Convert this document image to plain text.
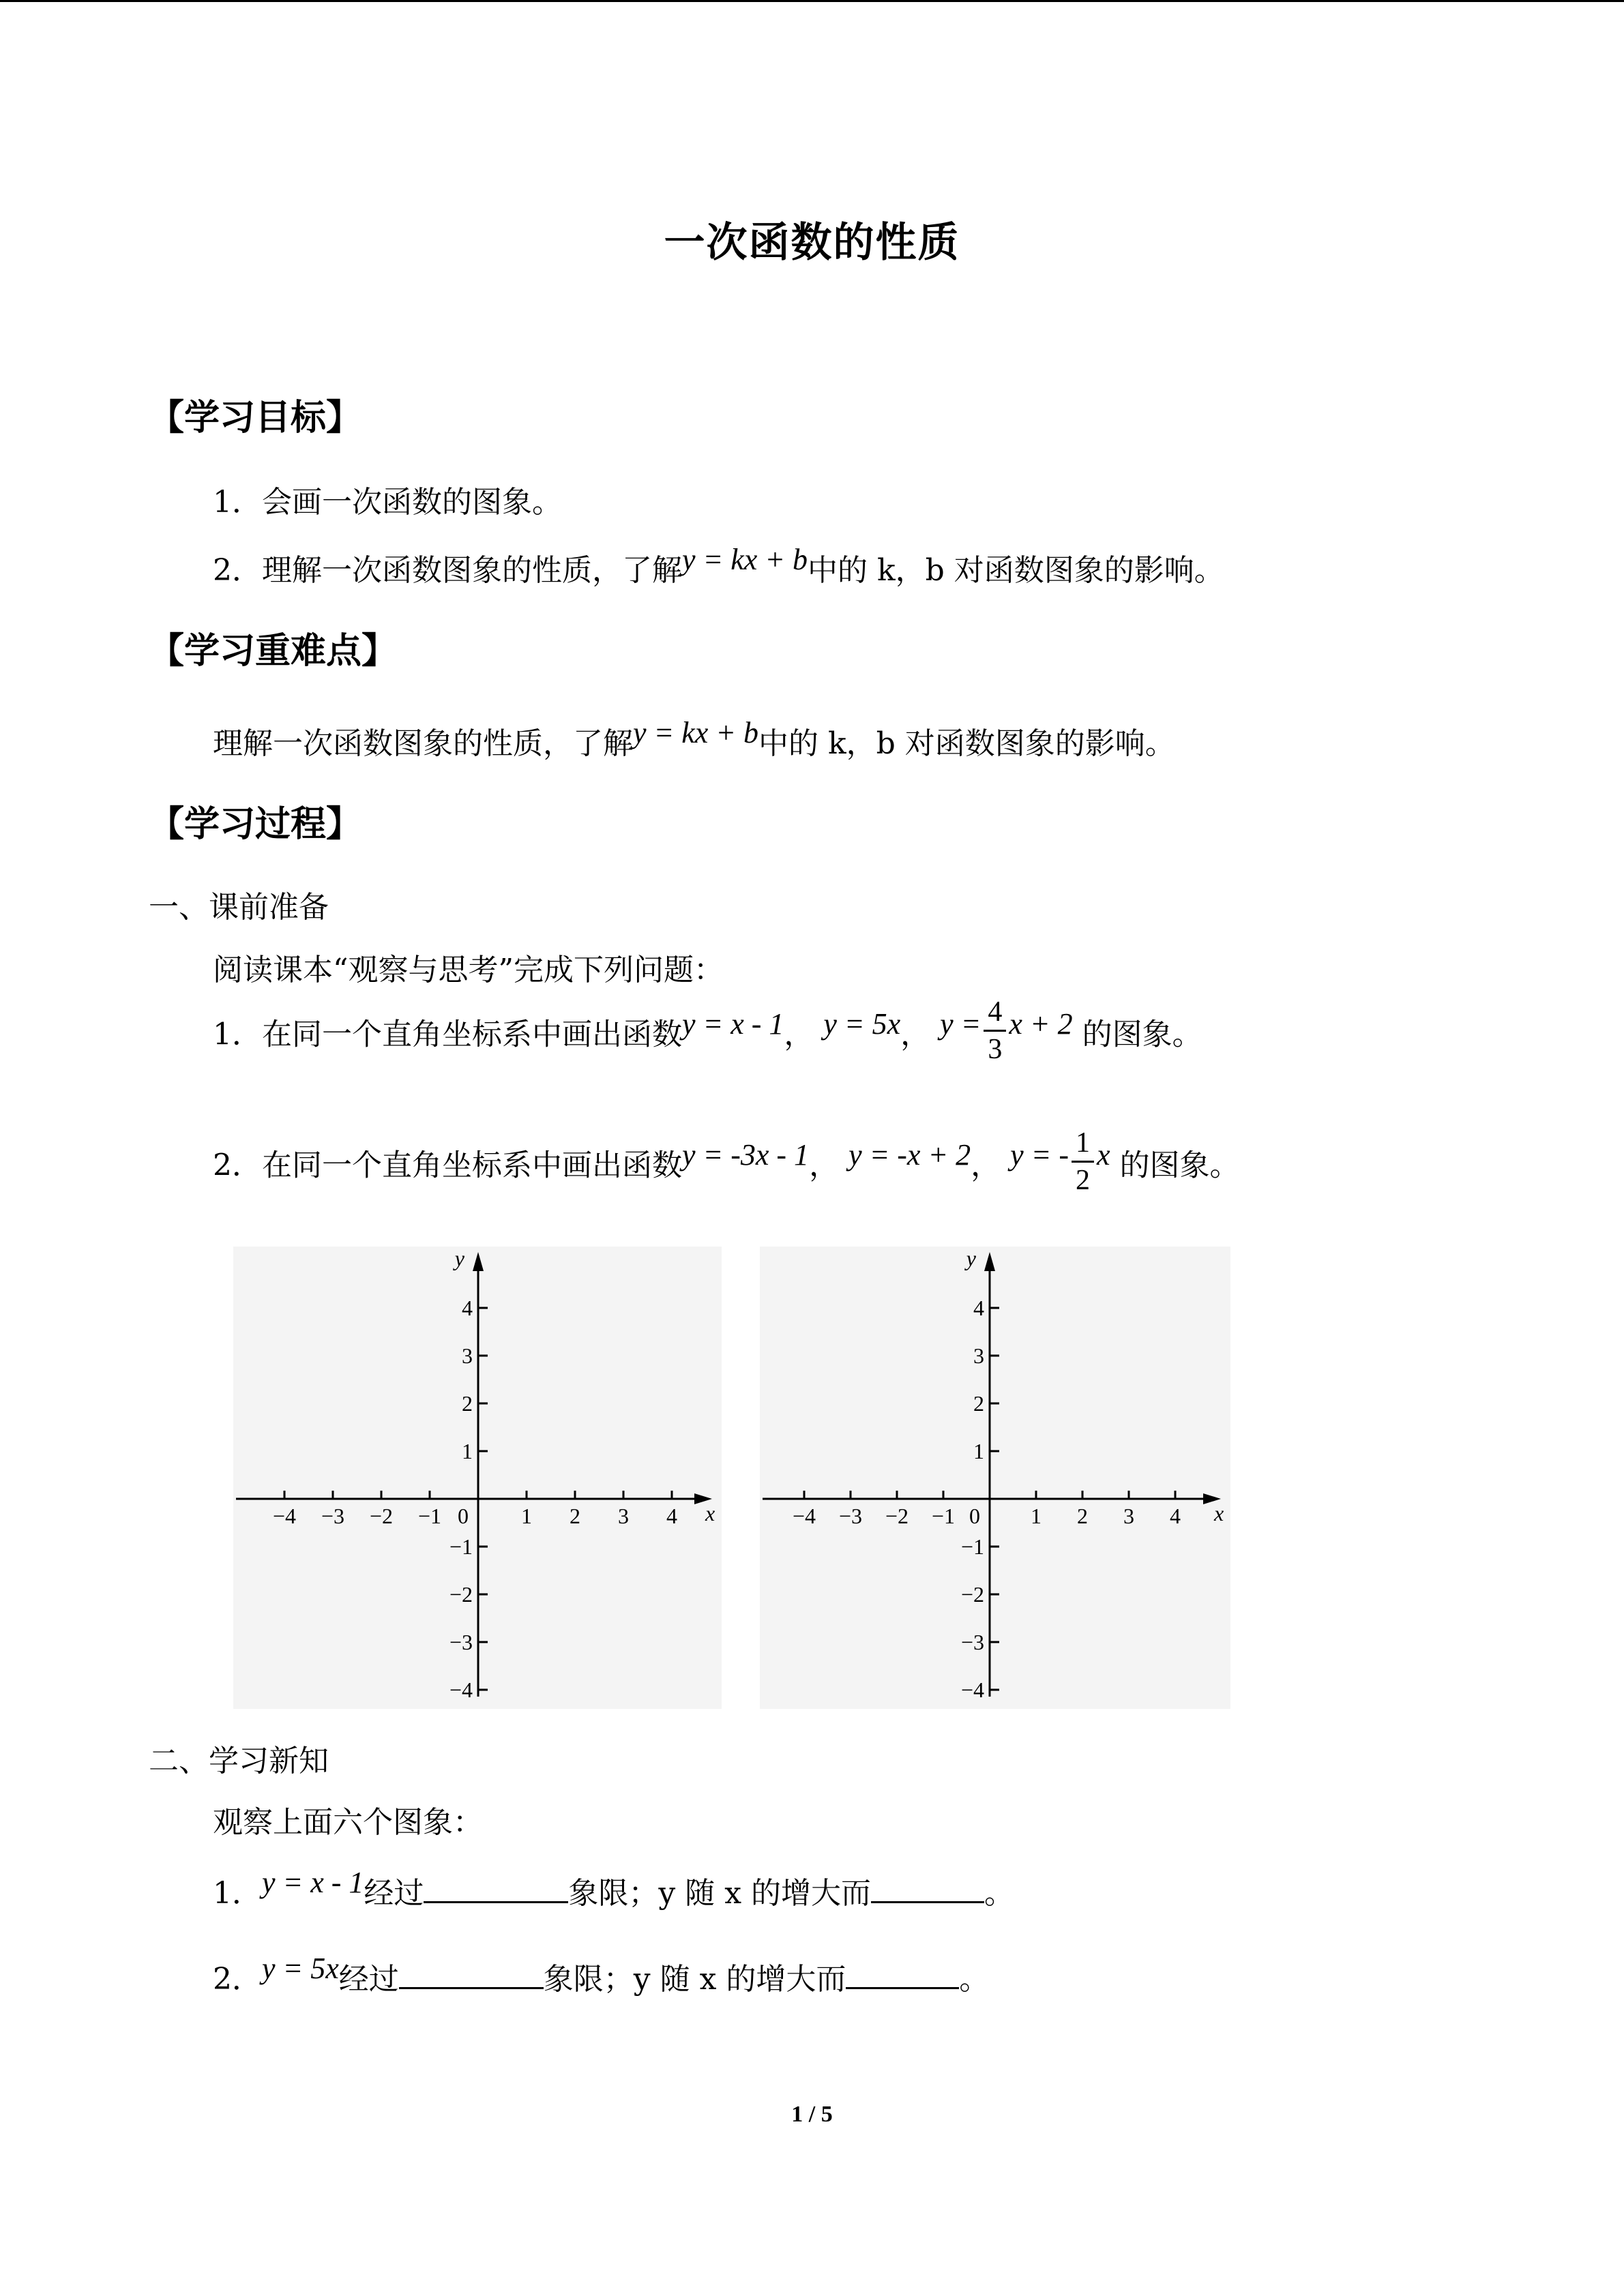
一次函数的性质
【学习目标】
1．会画一次函数的图象。
2．理解一次函数图象的性质，了解y = kx + b中的 k，b 对函数图象的影响。
【学习重难点】
理解一次函数图象的性质，了解y = kx + b中的 k，b 对函数图象的影响。
【学习过程】
一、课前准备
阅读课本“观察与思考”完成下列问题：
1．在同一个直角坐标系中画出函数y = x - 1， y = 5x， $y = \frac{4}{3}$ x + 2 的图象。
2．在同一个直角坐标系中画出函数y = -3x - 1， y = -x + 2， y = - $\frac{1}{2}$ x 的图象。
−4 −3 −2 −1	1 2 3 4
4
3
2
1
−1
−2
−3
−4
0	x
y
−4 −3 −2 −1	1 2 3 4
4
3
2
1
−1
−2
−3
−4
0	x
y
二、学习新知
观察上面六个图象：
1．y = x - 1经过	象限；y 随 x 的增大而	。
2．y = 5x经过	象限；y 随 x 的增大而	。
1 / 5
